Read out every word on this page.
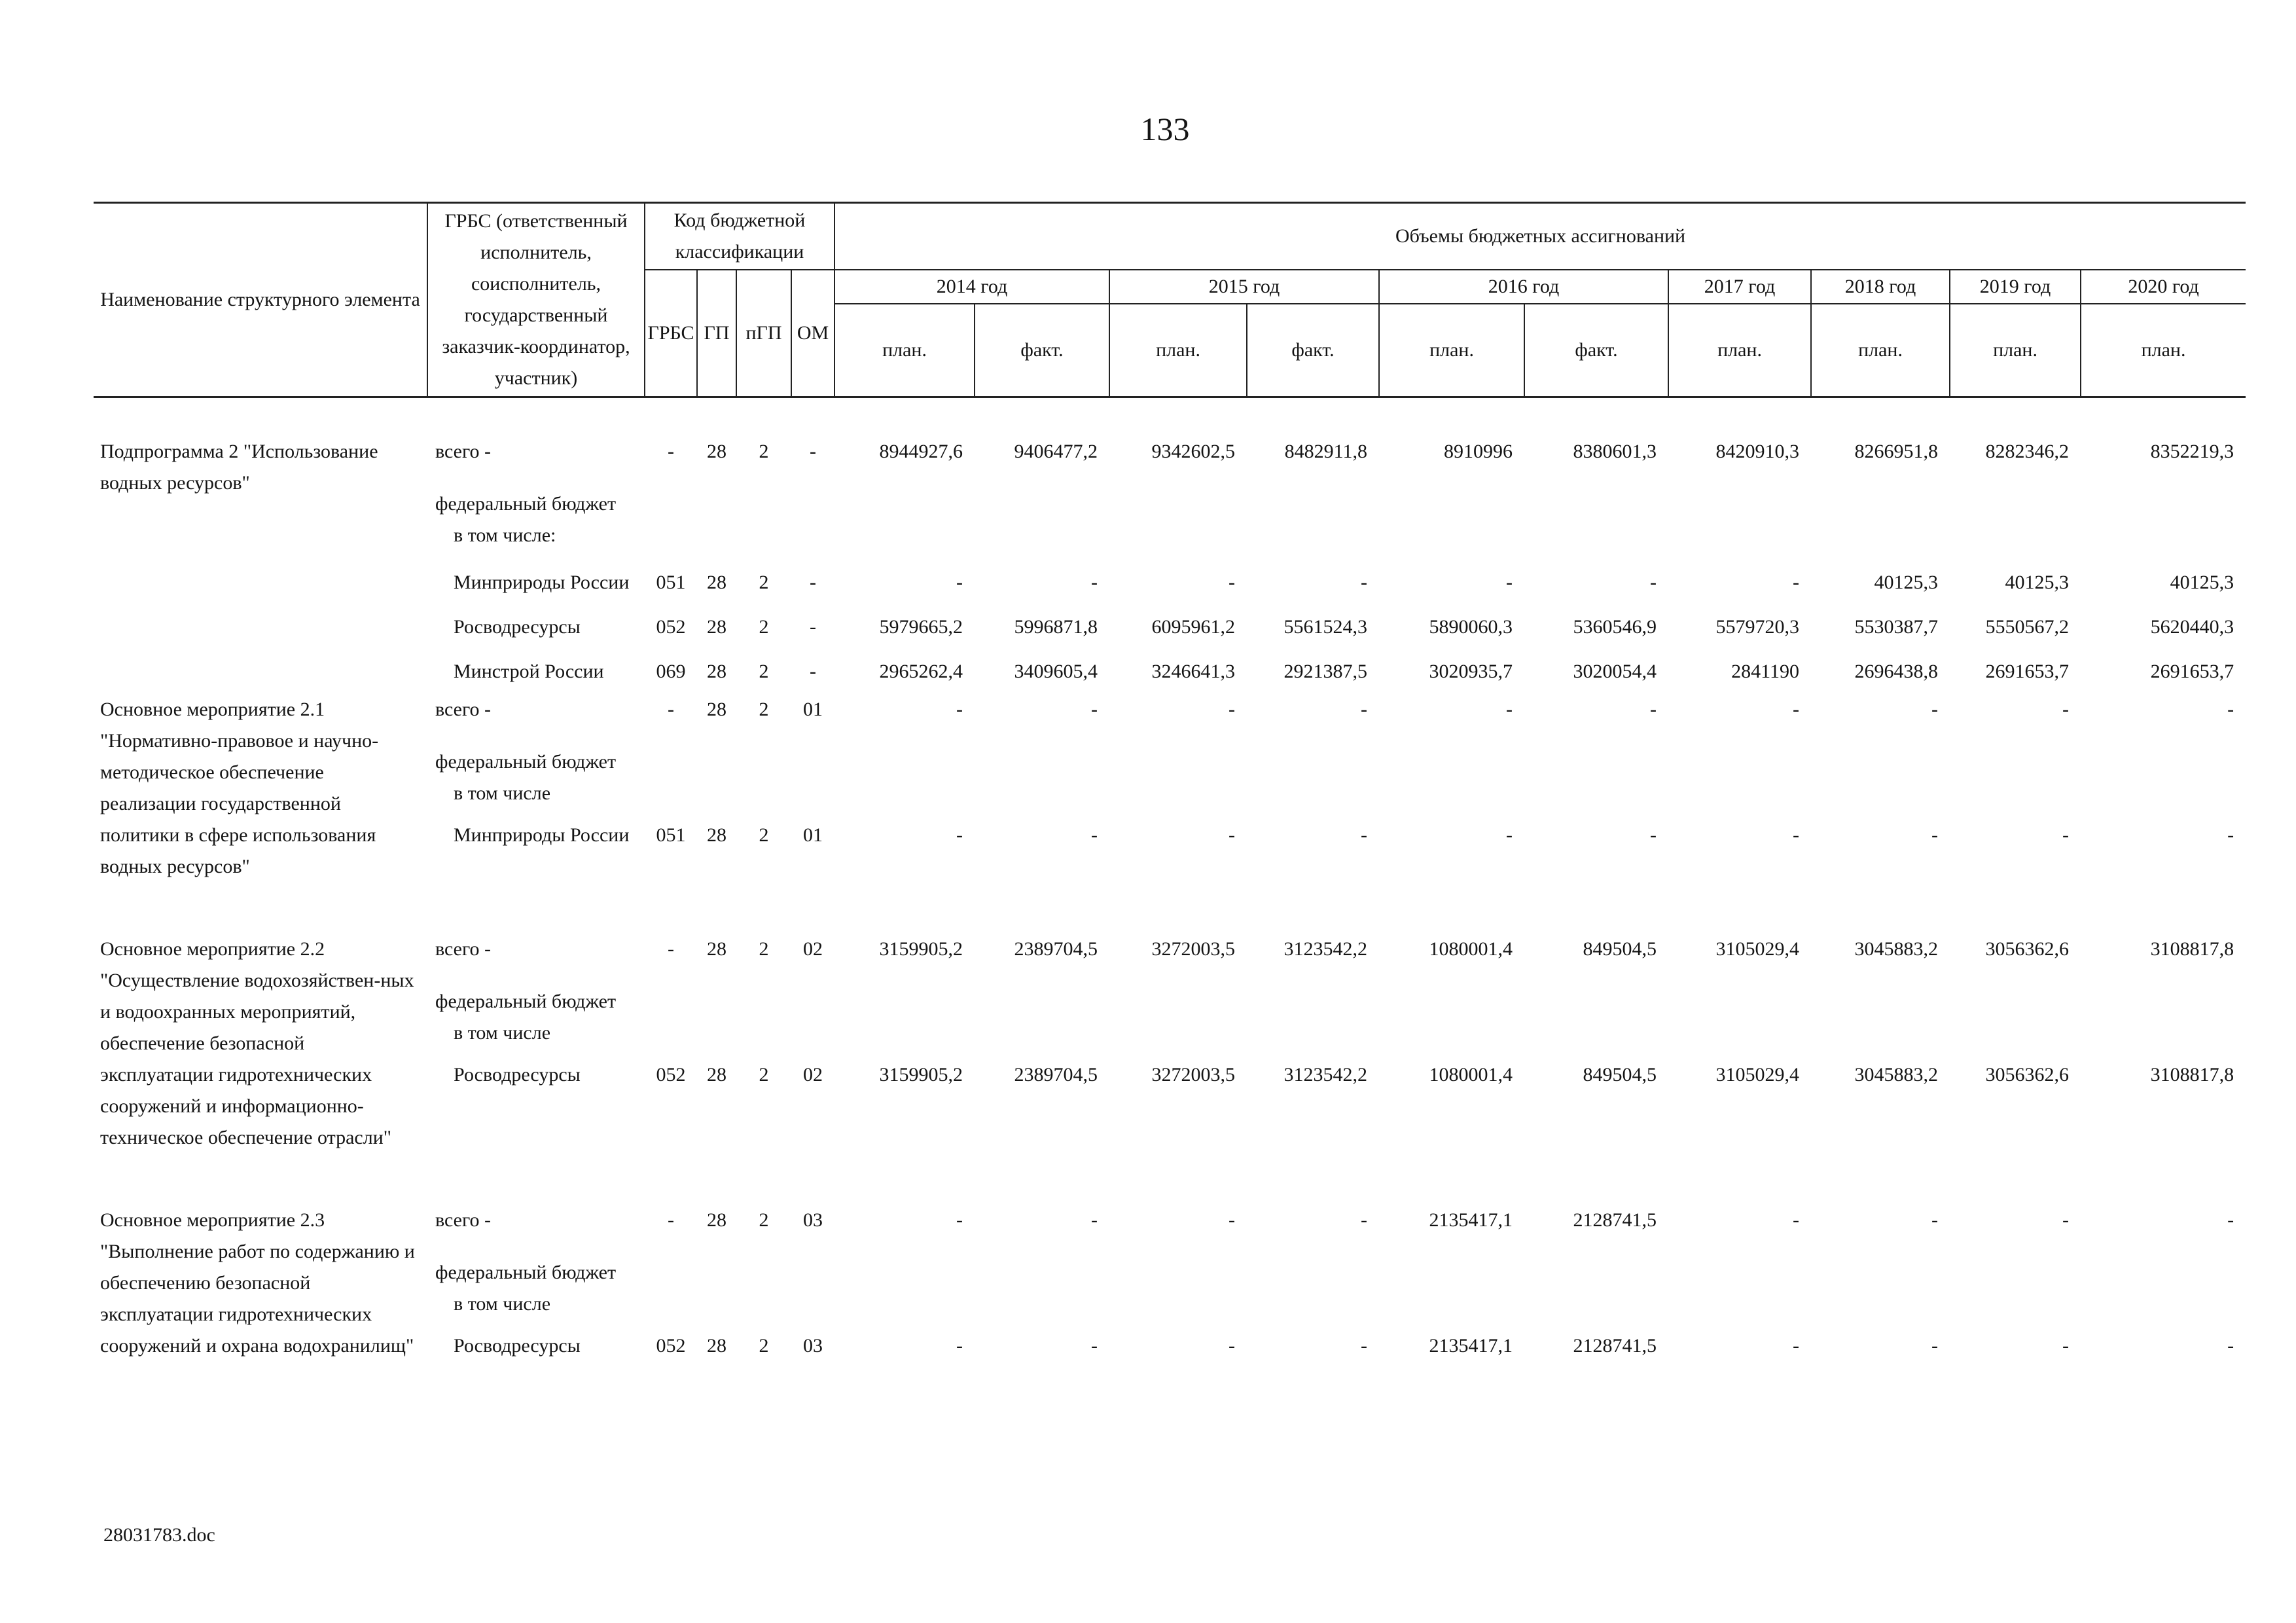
133
Наименование структурного элемента	ГРБС (ответственный исполнитель, соисполнитель, государственный заказчик-координатор, участник)	Код бюджетной классификации				Объемы бюджетных ассигнований									
		ГРБС	ГП	пГП	ОМ	2014 год		2015 год		2016 год		2017 год	2018 год	2019 год	2020 год
						план.	факт.	план.	факт.	план.	факт.	план.	план.	план.	план.

Подпрограмма 2 "Использование водных ресурсов"	всего -	-	28	2	-	8944927,6	9406477,2	9342602,5	8482911,8	8910996	8380601,3	8420910,3	8266951,8	8282346,2	8352219,3
	федеральный бюджет														
	в том числе:														
	Минприроды России	051	28	2	-	-	-	-	-	-	-	-	40125,3	40125,3	40125,3
	Росводресурсы	052	28	2	-	5979665,2	5996871,8	6095961,2	5561524,3	5890060,3	5360546,9	5579720,3	5530387,7	5550567,2	5620440,3
	Минстрой России	069	28	2	-	2965262,4	3409605,4	3246641,3	2921387,5	3020935,7	3020054,4	2841190	2696438,8	2691653,7	2691653,7
Основное мероприятие 2.1 "Нормативно-правовое и научно-методическое обеспечение реализации государственной политики в сфере использования водных ресурсов"	всего -	-	28	2	01	-	-	-	-	-	-	-	-	-	-
	федеральный бюджет														
	в том числе														
	Минприроды России	051	28	2	01	-	-	-	-	-	-	-	-	-	-
Основное мероприятие 2.2 "Осуществление водохозяйствен-ных и водоохранных мероприятий, обеспечение безопасной эксплуатации гидротехнических сооружений и информационно-техническое обеспечение отрасли"	всего -	-	28	2	02	3159905,2	2389704,5	3272003,5	3123542,2	1080001,4	849504,5	3105029,4	3045883,2	3056362,6	3108817,8
	федеральный бюджет														
	в том числе														
	Росводресурсы	052	28	2	02	3159905,2	2389704,5	3272003,5	3123542,2	1080001,4	849504,5	3105029,4	3045883,2	3056362,6	3108817,8
Основное мероприятие 2.3 "Выполнение работ по содержанию и обеспечению безопасной эксплуатации гидротехнических сооружений и охрана водохранилищ"	всего -	-	28	2	03	-	-	-	-	2135417,1	2128741,5	-	-	-	-
	федеральный бюджет														
	в том числе														
	Росводресурсы	052	28	2	03	-	-	-	-	2135417,1	2128741,5	-	-	-	-
28031783.doc
